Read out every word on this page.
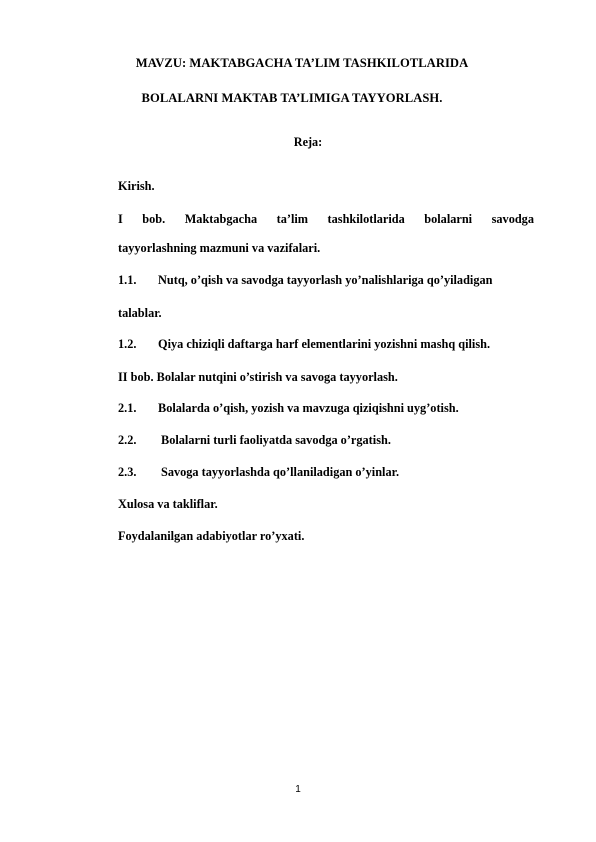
MAVZU: MAKTABGACHA TA’LIM TASHKILOTLARIDA
BOLALARNI MAKTAB TA’LIMIGA TAYYORLASH.
Reja:
Kirish.
I bob. Maktabgacha ta’lim tashkilotlarida bolalarni savodga
tayyorlashning mazmuni va vazifalari.
1.1. Nutq, o’qish va savodga tayyorlash yo’nalishlariga qo’yiladigan
talablar.
1.2. Qiya chiziqli daftarga harf elementlarini yozishni mashq qilish.
II bob. Bolalar nutqini o’stirish va savoga tayyorlash.
2.1. Bolalarda o’qish, yozish va mavzuga qiziqishni uyg’otish.
2.2. Bolalarni turli faoliyatda savodga o’rgatish.
2.3. Savoga tayyorlashda qo’llaniladigan o’yinlar.
Xulosa va takliflar.
Foydalanilgan adabiyotlar ro’yxati.
1
